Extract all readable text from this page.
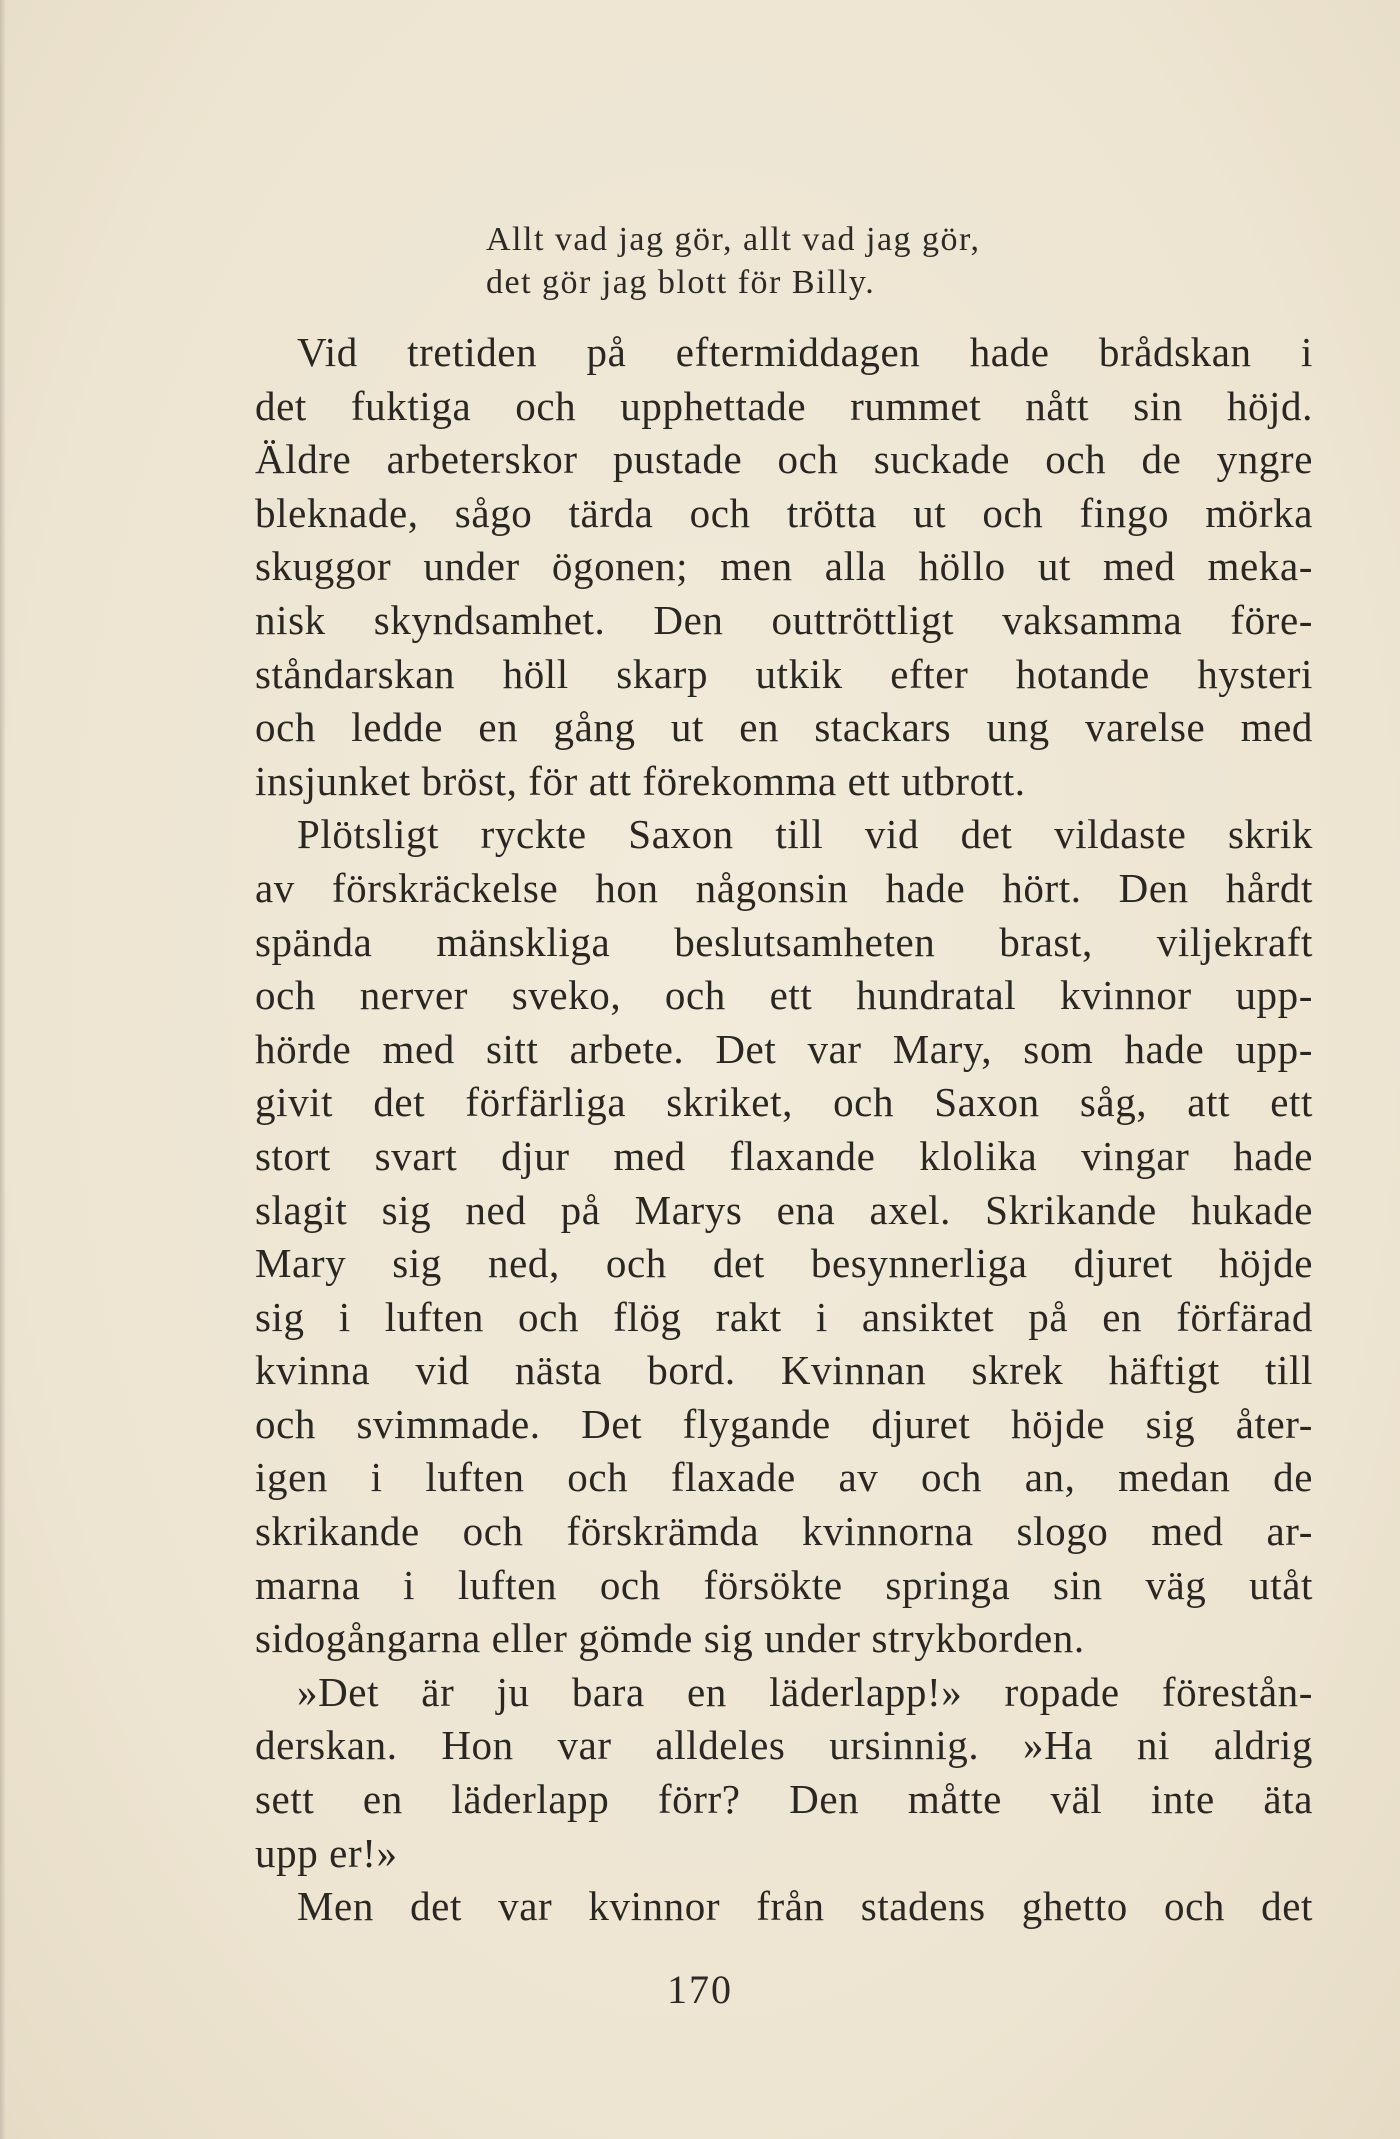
Allt vad jag gör, allt vad jag gör,
det gör jag blott för Billy.
Vid tretiden på eftermiddagen hade brådskan i
det fuktiga och upphettade rummet nått sin höjd.
Äldre arbeterskor pustade och suckade och de yngre
bleknade, sågo tärda och trötta ut och fingo mörka
skuggor under ögonen; men alla höllo ut med meka-
nisk skyndsamhet. Den outtröttligt vaksamma före-
ståndarskan höll skarp utkik efter hotande hysteri
och ledde en gång ut en stackars ung varelse med
insjunket bröst, för att förekomma ett utbrott.
Plötsligt ryckte Saxon till vid det vildaste skrik
av förskräckelse hon någonsin hade hört. Den hårdt
spända mänskliga beslutsamheten brast, viljekraft
och nerver sveko, och ett hundratal kvinnor upp-
hörde med sitt arbete. Det var Mary, som hade upp-
givit det förfärliga skriket, och Saxon såg, att ett
stort svart djur med flaxande klolika vingar hade
slagit sig ned på Marys ena axel. Skrikande hukade
Mary sig ned, och det besynnerliga djuret höjde
sig i luften och flög rakt i ansiktet på en förfärad
kvinna vid nästa bord. Kvinnan skrek häftigt till
och svimmade. Det flygande djuret höjde sig åter-
igen i luften och flaxade av och an, medan de
skrikande och förskrämda kvinnorna slogo med ar-
marna i luften och försökte springa sin väg utåt
sidogångarna eller gömde sig under strykborden.
»Det är ju bara en läderlapp!» ropade förestån-
derskan. Hon var alldeles ursinnig. »Ha ni aldrig
sett en läderlapp förr? Den måtte väl inte äta
upp er!»
Men det var kvinnor från stadens ghetto och det
170
